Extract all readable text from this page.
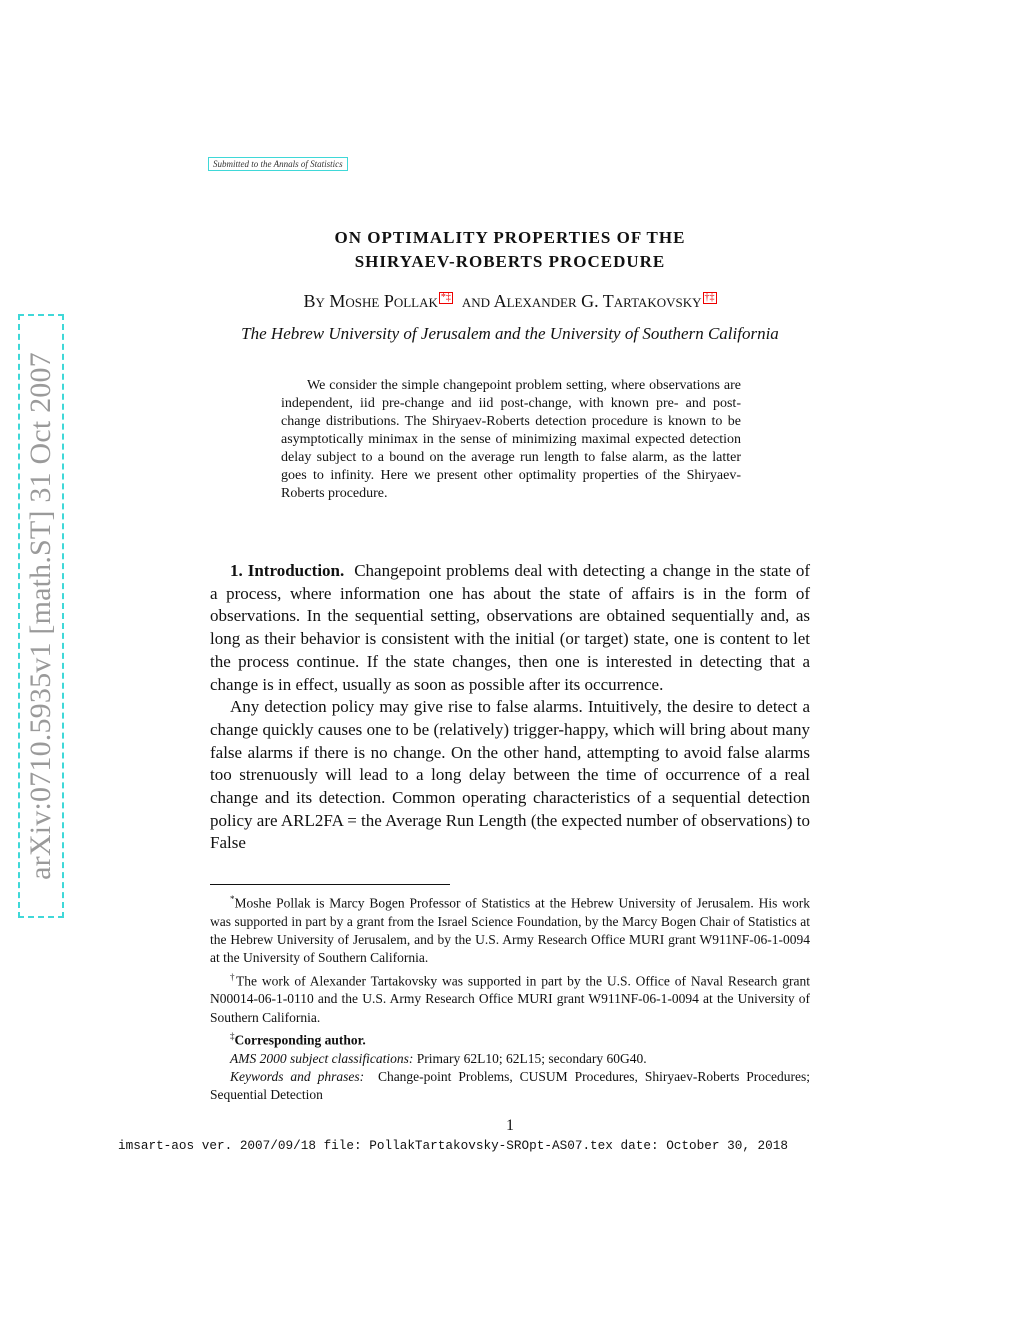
arXiv:0710.5935v1 [math.ST] 31 Oct 2007
Submitted to the Annals of Statistics
ON OPTIMALITY PROPERTIES OF THE
SHIRYAEV-ROBERTS PROCEDURE
By Moshe Pollak *‡ and Alexander G. Tartakovsky †‡
The Hebrew University of Jerusalem and the University of Southern California

We consider the simple changepoint problem setting, where observations are independent, iid pre-change and iid post-change, with known pre- and post-change distributions. The Shiryaev-Roberts detection procedure is known to be asymptotically minimax in the sense of minimizing maximal expected detection delay subject to a bound on the average run length to false alarm, as the latter goes to infinity. Here we present other optimality properties of the Shiryaev-Roberts procedure.

1. Introduction. Changepoint problems deal with detecting a change in the state of a process, where information one has about the state of affairs is in the form of observations. In the sequential setting, observations are obtained sequentially and, as long as their behavior is consistent with the initial (or target) state, one is content to let the process continue. If the state changes, then one is interested in detecting that a change is in effect, usually as soon as possible after its occurrence.

Any detection policy may give rise to false alarms. Intuitively, the desire to detect a change quickly causes one to be (relatively) trigger-happy, which will bring about many false alarms if there is no change. On the other hand, attempting to avoid false alarms too strenuously will lead to a long delay between the time of occurrence of a real change and its detection. Common operating characteristics of a sequential detection policy are ARL2FA = the Average Run Length (the expected number of observations) to False

*Moshe Pollak is Marcy Bogen Professor of Statistics at the Hebrew University of Jerusalem. His work was supported in part by a grant from the Israel Science Foundation, by the Marcy Bogen Chair of Statistics at the Hebrew University of Jerusalem, and by the U.S. Army Research Office MURI grant W911NF-06-1-0094 at the University of Southern California.

†The work of Alexander Tartakovsky was supported in part by the U.S. Office of Naval Research grant N00014-06-1-0110 and the U.S. Army Research Office MURI grant W911NF-06-1-0094 at the University of Southern California.

‡Corresponding author.

AMS 2000 subject classifications: Primary 62L10; 62L15; secondary 60G40.

Keywords and phrases: Change-point Problems, CUSUM Procedures, Shiryaev-Roberts Procedures; Sequential Detection

1
imsart-aos ver. 2007/09/18 file: PollakTartakovsky-SROpt-AS07.tex date: October 30, 2018
